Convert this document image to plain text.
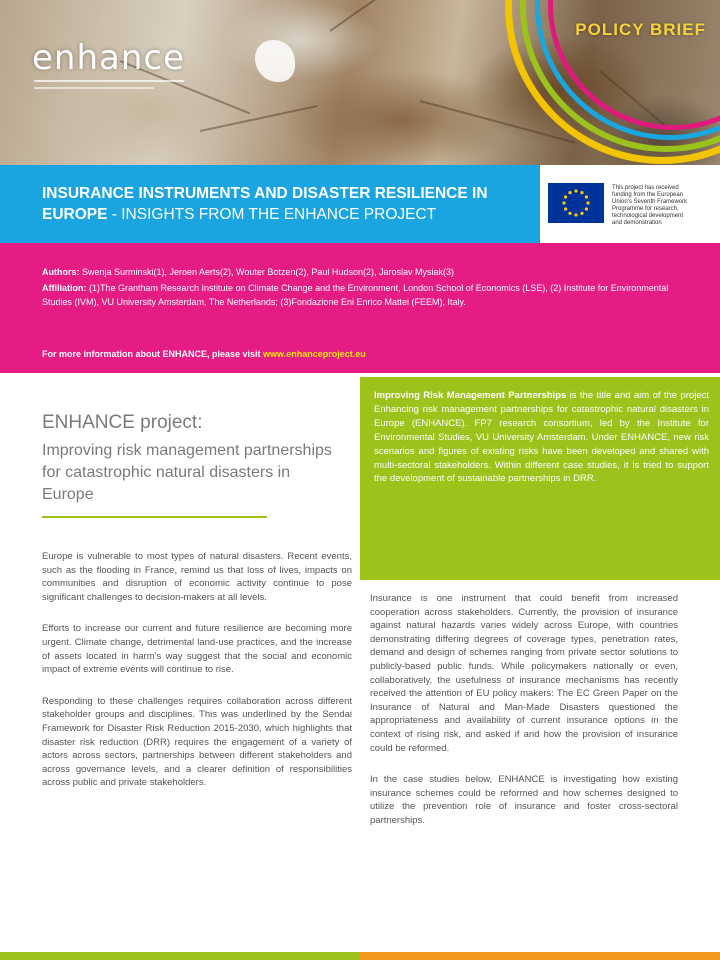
enhance
POLICY BRIEF
INSURANCE INSTRUMENTS AND DISASTER RESILIENCE IN EUROPE - INSIGHTS FROM THE ENHANCE PROJECT
This project has received
funding from the European
Union's Seventh Framework
Programme for research,
technological development
and demonstration
Authors: Swenja Surminski(1), Jeroen Aerts(2), Wouter Botzen(2), Paul Hudson(2), Jaroslav Mysiak(3)
Affiliation: (1)The Grantham Research Institute on Climate Change and the Environment, London School of Economics (LSE), (2) Institute for Environmental Studies (IVM), VU University Amsterdam, The Netherlands; (3)Fondazione Eni Enrico Mattei (FEEM), Italy.
For more information about ENHANCE, please visit www.enhanceproject.eu
ENHANCE project:
Improving risk management partnerships for catastrophic natural disasters in Europe

Improving Risk Management Partnerships is the title and aim of the project Enhancing risk management partnerships for catastrophic natural disasters in Europe (ENHANCE). FP7 research consortium, led by the Institute for Environmental Studies, VU University Amsterdam. Under ENHANCE, new risk scenarios and figures of existing risks have been developed and shared with multi-sectoral stakeholders. Within different case studies, it is tried to support the development of sustainable partnerships in DRR.

Europe is vulnerable to most types of natural disasters. Recent events, such as the flooding in France, remind us that loss of lives, impacts on communities and disruption of economic activity continue to pose significant challenges to decision-makers at all levels.

Efforts to increase our current and future resilience are becoming more urgent. Climate change, detrimental land-use practices, and the increase of assets located in harm's way suggest that the social and economic impact of extreme events will continue to rise.

Responding to these challenges requires collaboration across different stakeholder groups and disciplines. This was underlined by the Sendai Framework for Disaster Risk Reduction 2015-2030, which highlights that disaster risk reduction (DRR) requires the engagement of a variety of actors across sectors, partnerships between different stakeholders and across governance levels, and a clearer definition of responsibilities across public and private stakeholders.

Insurance is one instrument that could benefit from increased cooperation across stakeholders. Currently, the provision of insurance against natural hazards varies widely across Europe, with countries demonstrating differing degrees of coverage types, penetration rates, demand and design of schemes ranging from private sector solutions to publicly-based public funds. While policymakers nationally or even, collaboratively, the usefulness of insurance mechanisms has recently received the attention of EU policy makers: The EC Green Paper on the Insurance of Natural and Man-Made Disasters questioned the appropriateness and availability of current insurance options in the context of rising risk, and asked if and how the provision of insurance could be reformed.

In the case studies below, ENHANCE is investigating how existing insurance schemes could be reformed and how schemes designed to utilize the prevention role of insurance and foster cross-sectoral partnerships.
